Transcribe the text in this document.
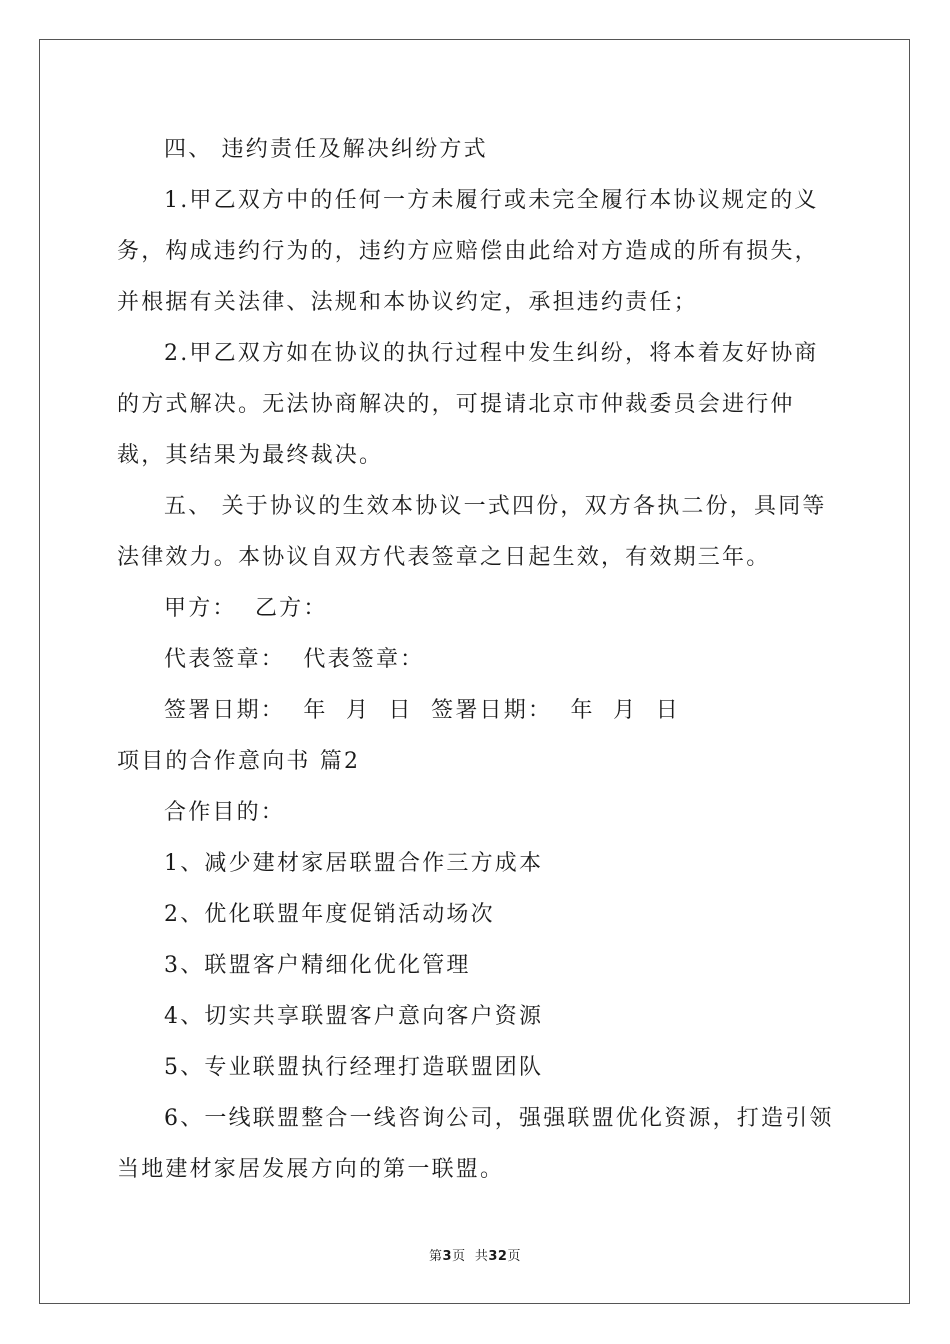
四、 违约责任及解决纠纷方式

1.甲乙双方中的任何一方未履行或未完全履行本协议规定的义务，构成违约行为的，违约方应赔偿由此给对方造成的所有损失，并根据有关法律、法规和本协议约定，承担违约责任；

2.甲乙双方如在协议的执行过程中发生纠纷，将本着友好协商的方式解决。无法协商解决的，可提请北京市仲裁委员会进行仲裁，其结果为最终裁决。

五、 关于协议的生效本协议一式四份，双方各执二份，具同等法律效力。本协议自双方代表签章之日起生效，有效期三年。

甲方：  乙方：

代表签章：  代表签章：

签署日期：  年  月  日  签署日期：  年  月  日

项目的合作意向书 篇2

合作目的：

1、减少建材家居联盟合作三方成本

2、优化联盟年度促销活动场次

3、联盟客户精细化优化管理

4、切实共享联盟客户意向客户资源

5、专业联盟执行经理打造联盟团队

6、一线联盟整合一线咨询公司，强强联盟优化资源，打造引领当地建材家居发展方向的第一联盟。

第3页  共32页
